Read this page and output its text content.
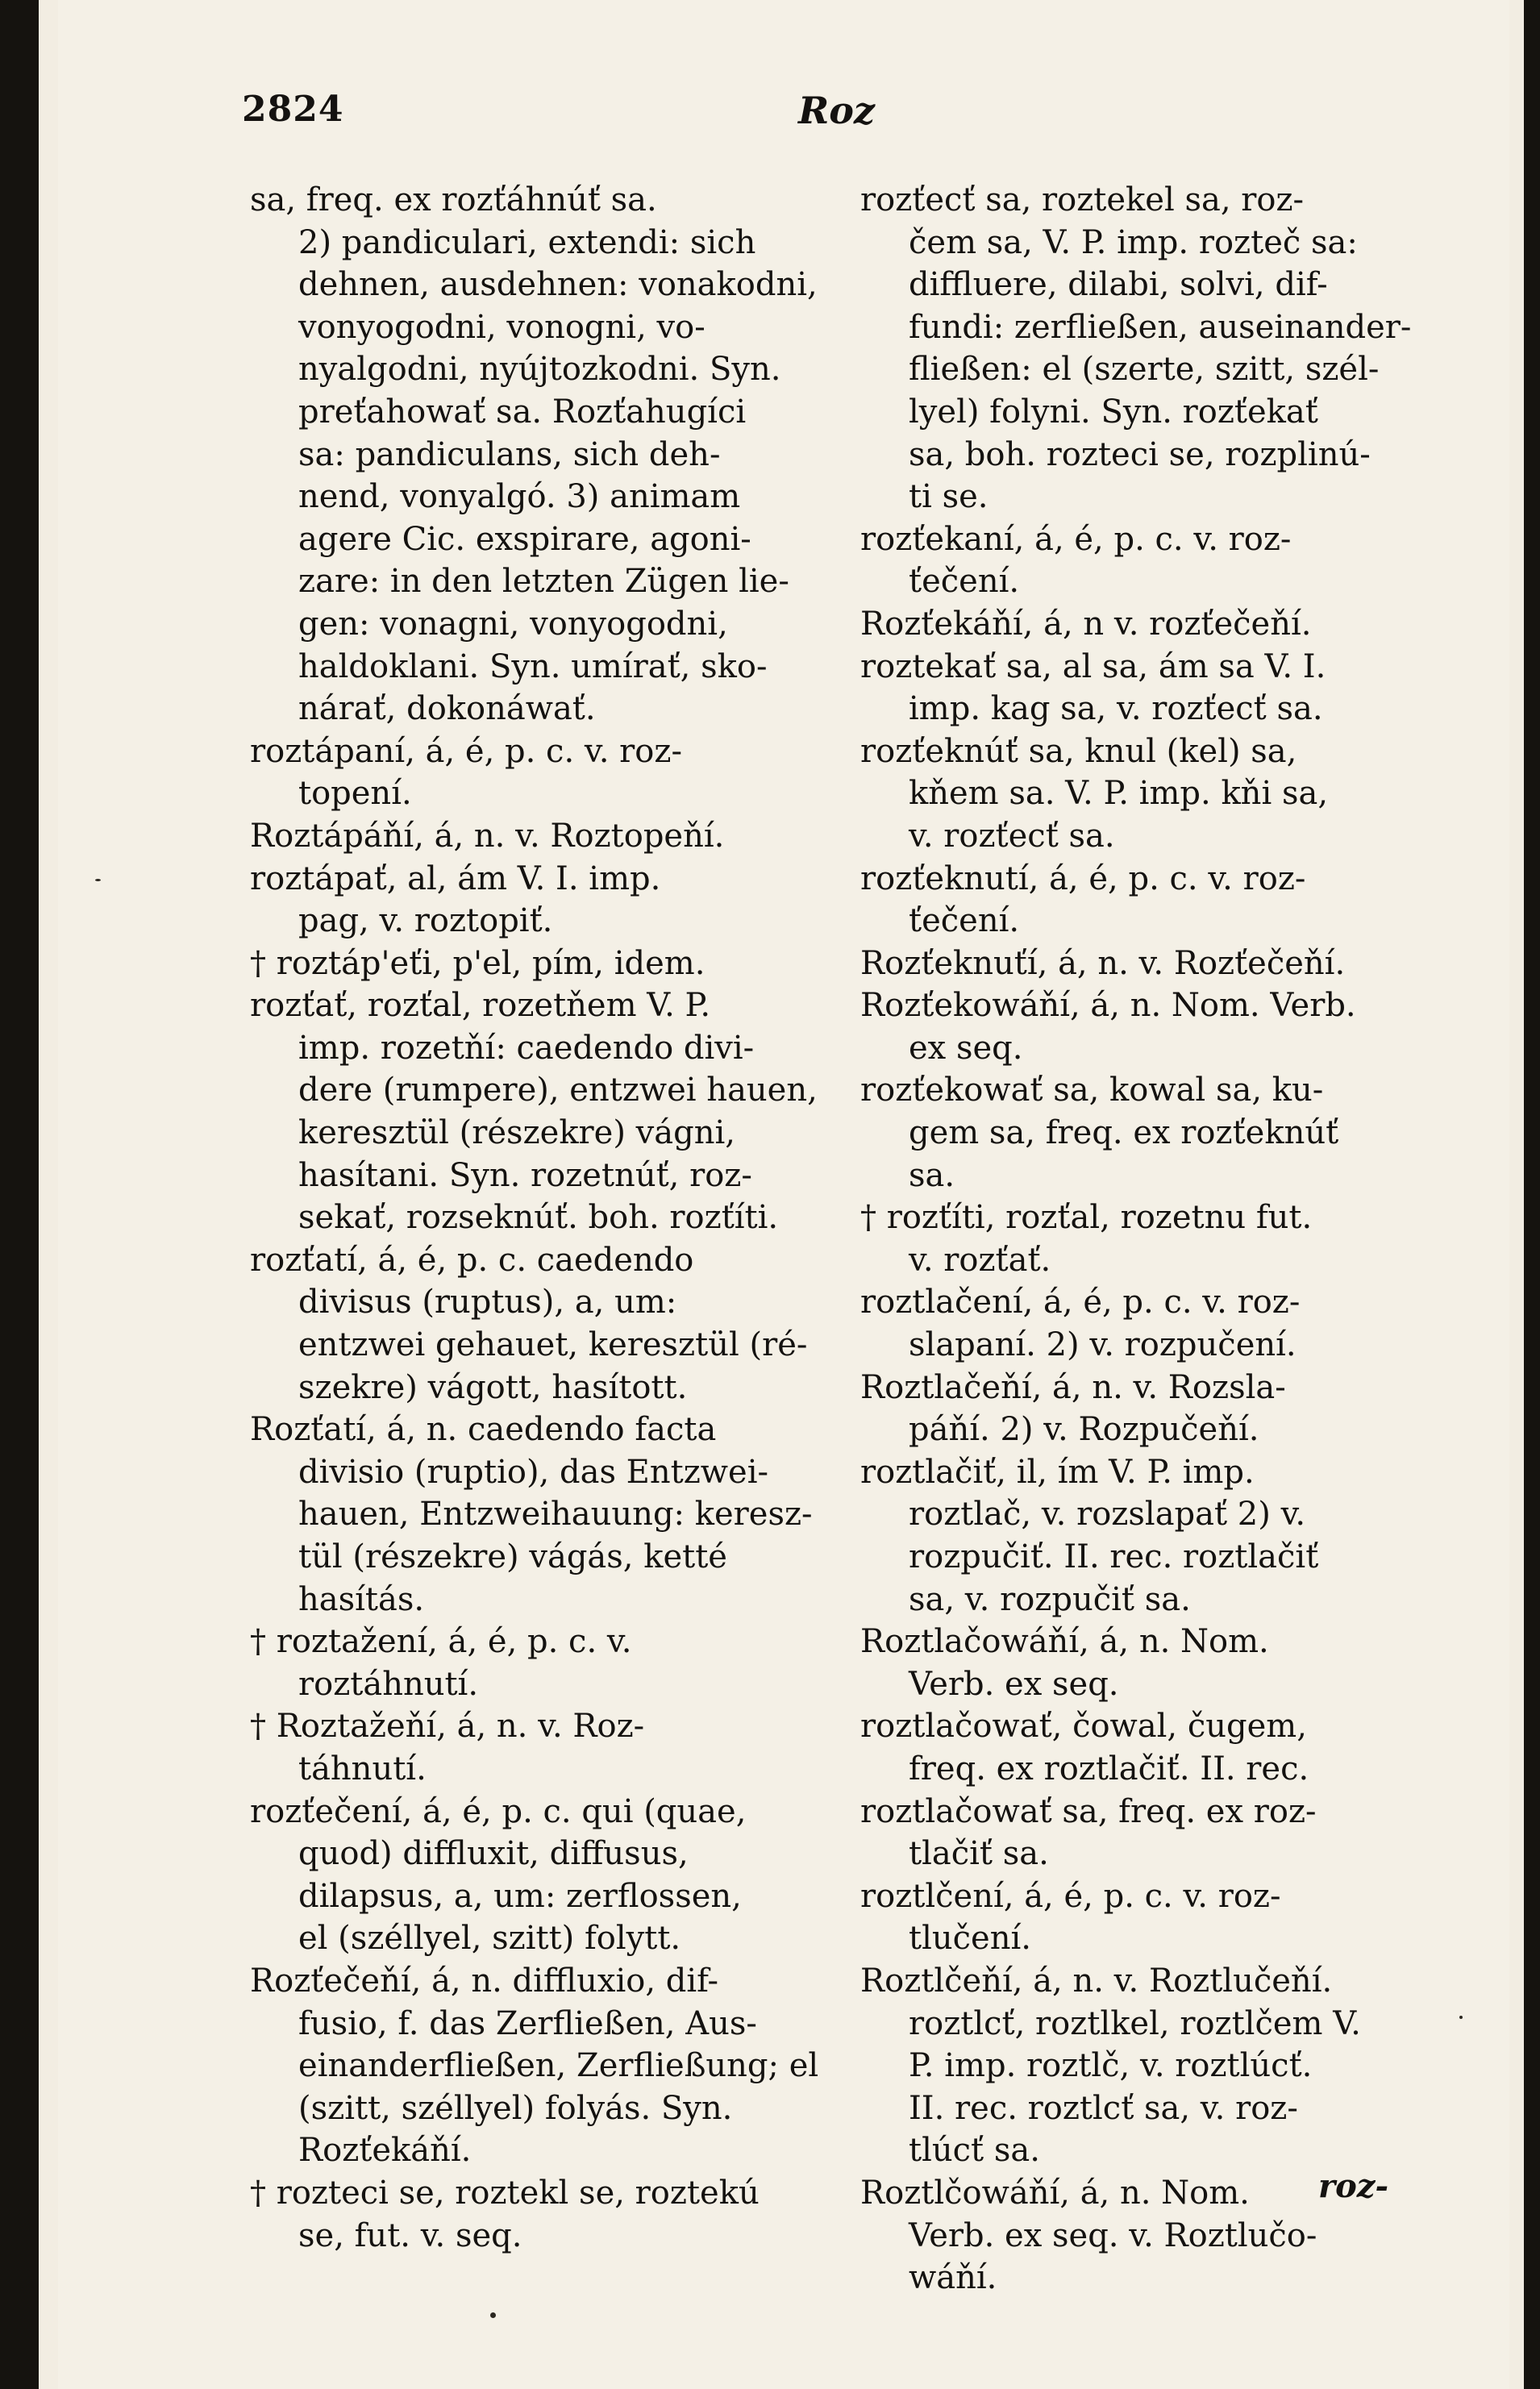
2824	Roz
sa, freq. ex rozťáhnúť sa.
2) pandiculari, extendi: sich
dehnen, ausdehnen: vonakodni,
vonyogodni, vonogni, vo-
nyalgodni, nyújtozkodni. Syn.
preťahowať sa. Rozťahugíci
sa: pandiculans, sich deh-
nend, vonyalgó. 3) animam
agere Cic. exspirare, agoni-
zare: in den letzten Zügen lie-
gen: vonagni, vonyogodni,
haldoklani. Syn. umírať, sko-
nárať, dokonáwať.
roztápaní, á, é, p. c. v. roz-
topení.
Roztápáňí, á, n. v. Roztopeňí.
roztápať, al, ám V. I. imp.
pag, v. roztopiť.
† roztáp'eťi, p'el, pím, idem.
rozťať, rozťal, rozetňem V. P.
imp. rozetňí: caedendo divi-
dere (rumpere), entzwei hauen,
keresztül (részekre) vágni,
hasítani. Syn. rozetnúť, roz-
sekať, rozseknúť. boh. rozťíti.
rozťatí, á, é, p. c. caedendo
divisus (ruptus), a, um:
entzwei gehauet, keresztül (ré-
szekre) vágott, hasított.
Rozťatí, á, n. caedendo facta
divisio (ruptio), das Entzwei-
hauen, Entzweihauung: keresz-
tül (részekre) vágás, ketté
hasítás.
† roztažení, á, é, p. c. v.
roztáhnutí.
† Roztažeňí, á, n. v. Roz-
táhnutí.
rozťečení, á, é, p. c. qui (quae,
quod) diffluxit, diffusus,
dilapsus, a, um: zerflossen,
el (széllyel, szitt) folytt.
Rozťečeňí, á, n. diffluxio, dif-
fusio, f. das Zerfließen, Aus-
einanderfließen, Zerfließung; el
(szitt, széllyel) folyás. Syn.
Rozťekáňí.
† rozteci se, roztekl se, roztekú
se, fut. v. seq.
rozťecť sa, roztekel sa, roz-
čem sa, V. P. imp. rozteč sa:
diffluere, dilabi, solvi, dif-
fundi: zerfließen, auseinander-
fließen: el (szerte, szitt, szél-
lyel) folyni. Syn. rozťekať
sa, boh. rozteci se, rozplinú-
ti se.
rozťekaní, á, é, p. c. v. roz-
ťečení.
Rozťekáňí, á, n v. rozťečeňí.
roztekať sa, al sa, ám sa V. I.
imp. kag sa, v. rozťecť sa.
rozťeknúť sa, knul (kel) sa,
kňem sa. V. P. imp. kňi sa,
v. rozťecť sa.
rozťeknutí, á, é, p. c. v. roz-
ťečení.
Rozťeknuťí, á, n. v. Rozťečeňí.
Rozťekowáňí, á, n. Nom. Verb.
ex seq.
rozťekowať sa, kowal sa, ku-
gem sa, freq. ex rozťeknúť
sa.
† rozťíti, rozťal, rozetnu fut.
v. rozťať.
roztlačení, á, é, p. c. v. roz-
slapaní. 2) v. rozpučení.
Roztlačeňí, á, n. v. Rozsla-
páňí. 2) v. Rozpučeňí.
roztlačiť, il, ím V. P. imp.
roztlač, v. rozslapať 2) v.
rozpučiť. II. rec. roztlačiť
sa, v. rozpučiť sa.
Roztlačowáňí, á, n. Nom.
Verb. ex seq.
roztlačowať, čowal, čugem,
freq. ex roztlačiť. II. rec.
roztlačowať sa, freq. ex roz-
tlačiť sa.
roztlčení, á, é, p. c. v. roz-
tlučení.
Roztlčeňí, á, n. v. Roztlučeňí.
roztlcť, roztlkel, roztlčem V.
P. imp. roztlč, v. roztlúcť.
II. rec. roztlcť sa, v. roz-
tlúcť sa.
Roztlčowáňí, á, n. Nom.
Verb. ex seq. v. Roztlučo-
wáňí.
roz-
